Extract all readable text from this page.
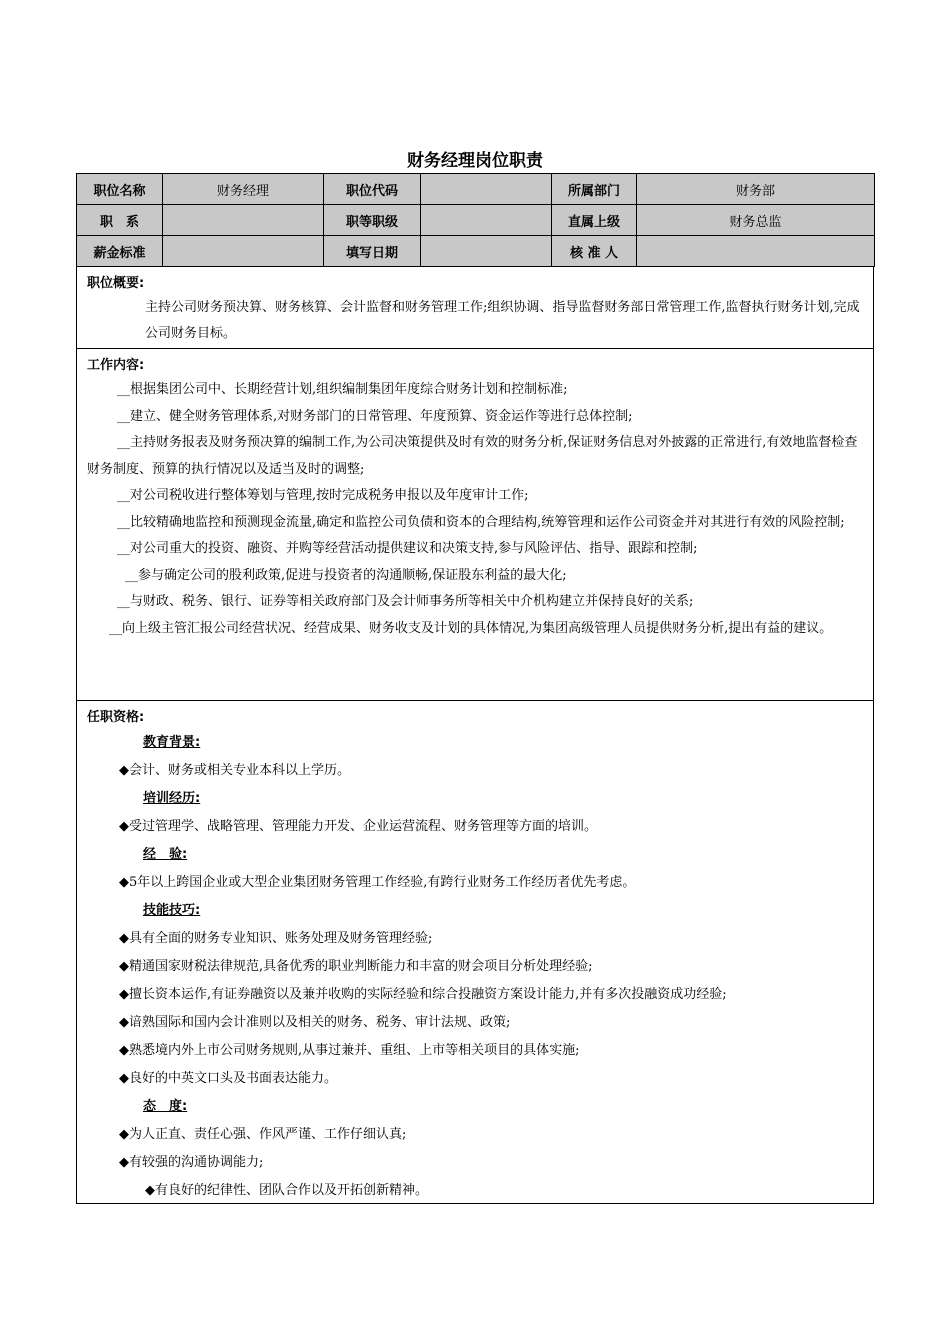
财务经理岗位职责
职位名称	财务经理	职位代码		所属部门	财务部
职　系		职等职级		直属上级	财务总监
薪金标准		填写日期		核 准 人	
职位概要:
主持公司财务预决算、财务核算、会计监督和财务管理工作;组织协调、指导监督财务部日常管理工作,监督执行财务计划,完成公司财务目标。
工作内容:
__根据集团公司中、长期经营计划,组织编制集团年度综合财务计划和控制标准;
__建立、健全财务管理体系,对财务部门的日常管理、年度预算、资金运作等进行总体控制;
__主持财务报表及财务预决算的编制工作,为公司决策提供及时有效的财务分析,保证财务信息对外披露的正常进行,有效地监督检查财务制度、预算的执行情况以及适当及时的调整;
__对公司税收进行整体筹划与管理,按时完成税务申报以及年度审计工作;
__比较精确地监控和预测现金流量,确定和监控公司负债和资本的合理结构,统筹管理和运作公司资金并对其进行有效的风险控制;
__对公司重大的投资、融资、并购等经营活动提供建议和决策支持,参与风险评估、指导、跟踪和控制;
__参与确定公司的股利政策,促进与投资者的沟通顺畅,保证股东利益的最大化;
__与财政、税务、银行、证券等相关政府部门及会计师事务所等相关中介机构建立并保持良好的关系;
__向上级主管汇报公司经营状况、经营成果、财务收支及计划的具体情况,为集团高级管理人员提供财务分析,提出有益的建议。
任职资格:
教育背景:
◆会计、财务或相关专业本科以上学历。
培训经历:
◆受过管理学、战略管理、管理能力开发、企业运营流程、财务管理等方面的培训。
经　验:
◆5年以上跨国企业或大型企业集团财务管理工作经验,有跨行业财务工作经历者优先考虑。
技能技巧:
◆具有全面的财务专业知识、账务处理及财务管理经验;
◆精通国家财税法律规范,具备优秀的职业判断能力和丰富的财会项目分析处理经验;
◆擅长资本运作,有证券融资以及兼并收购的实际经验和综合投融资方案设计能力,并有多次投融资成功经验;
◆谙熟国际和国内会计准则以及相关的财务、税务、审计法规、政策;
◆熟悉境内外上市公司财务规则,从事过兼并、重组、上市等相关项目的具体实施;
◆良好的中英文口头及书面表达能力。
态　度:
◆为人正直、责任心强、作风严谨、工作仔细认真;
◆有较强的沟通协调能力;
◆有良好的纪律性、团队合作以及开拓创新精神。
